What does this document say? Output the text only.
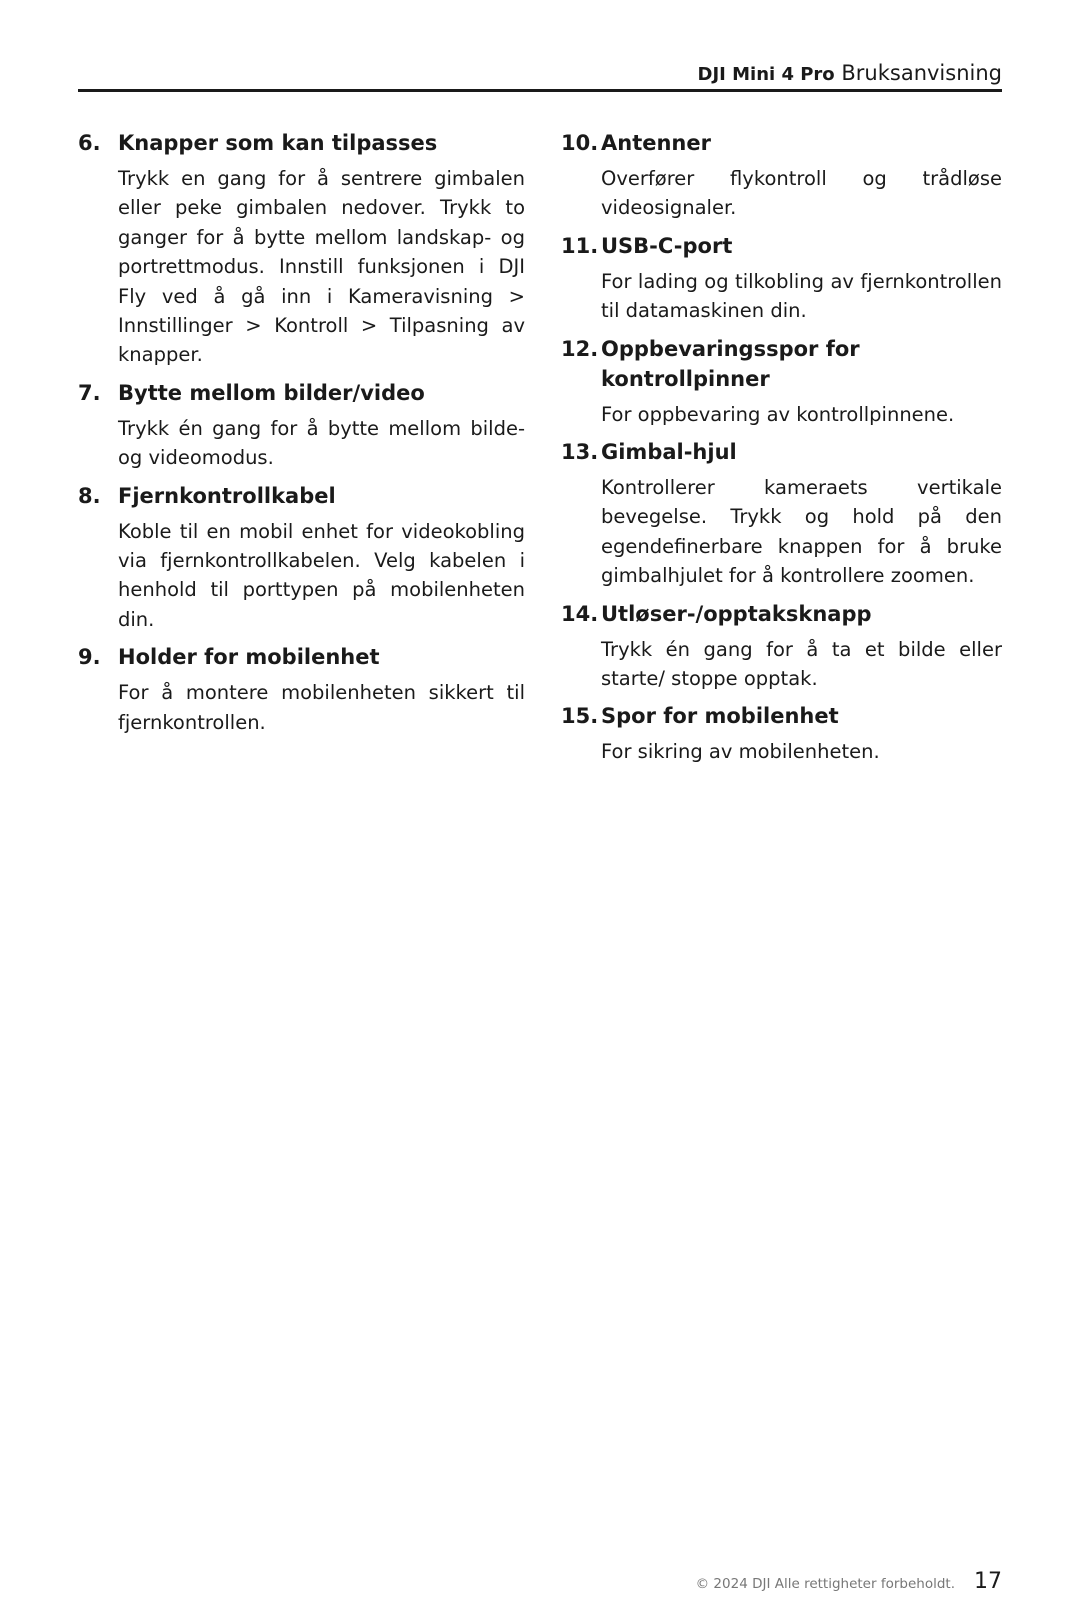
DJI Mini 4 Pro Bruksanvisning
6. Knapper som kan tilpasses
Trykk en gang for å sentrere gimbalen eller peke gimbalen nedover. Trykk to ganger for å bytte mellom landskap- og portrettmodus. Innstill funksjonen i DJI Fly ved å gå inn i Kameravisning > Innstillinger > Kontroll > Tilpasning av knapper.
7. Bytte mellom bilder/video
Trykk én gang for å bytte mellom bilde- og videomodus.
8. Fjernkontrollkabel
Koble til en mobil enhet for videokobling via fjernkontrollkabelen. Velg kabelen i henhold til porttypen på mobilenheten din.
9. Holder for mobilenhet
For å montere mobilenheten sikkert til fjernkontrollen.
10. Antenner
Overfører flykontroll og trådløse videosignaler.
11. USB-C-port
For lading og tilkobling av fjernkontrollen til datamaskinen din.
12. Oppbevaringsspor for kontrollpinner
For oppbevaring av kontrollpinnene.
13. Gimbal-hjul
Kontrollerer kameraets vertikale bevegelse. Trykk og hold på den egendefinerbare knappen for å bruke gimbalhjulet for å kontrollere zoomen.
14. Utløser-/opptaksknapp
Trykk én gang for å ta et bilde eller starte/ stoppe opptak.
15. Spor for mobilenhet
For sikring av mobilenheten.
© 2024 DJI Alle rettigheter forbeholdt. 17
